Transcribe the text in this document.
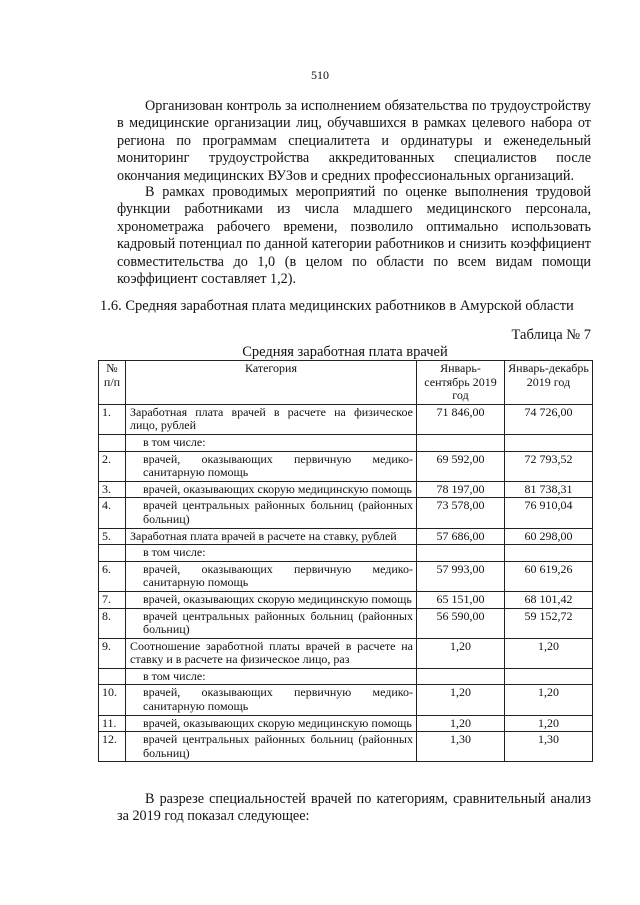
510

Организован контроль за исполнением обязательства по трудоустройству в медицинские организации лиц, обучавшихся в рамках целевого набора от региона по программам специалитета и ординатуры и еженедельный мониторинг трудоустройства аккредитованных специалистов после окончания медицинских ВУЗов и средних профессиональных организаций.

В рамках проводимых мероприятий по оценке выполнения трудовой функции работниками из числа младшего медицинского персонала, хронометража рабочего времени, позволило оптимально использовать кадровый потенциал по данной категории работников и снизить коэффициент совместительства до 1,0 (в целом по области по всем видам помощи коэффициент составляет 1,2).

1.6. Средняя заработная плата медицинских работников в Амурской области
Таблица № 7
Средняя заработная плата врачей
№ п/п	Категория	Январь-сентябрь 2019 год	Январь-декабрь 2019 год
1.	Заработная плата врачей в расчете на физическое лицо, рублей	71 846,00	74 726,00
	в том числе:		
2.	врачей, оказывающих первичную медико-санитарную помощь	69 592,00	72 793,52
3.	врачей, оказывающих скорую медицинскую помощь	78 197,00	81 738,31
4.	врачей центральных районных больниц (районных больниц)	73 578,00	76 910,04
5.	Заработная плата врачей в расчете на ставку, рублей	57 686,00	60 298,00
	в том числе:		
6.	врачей, оказывающих первичную медико-санитарную помощь	57 993,00	60 619,26
7.	врачей, оказывающих скорую медицинскую помощь	65 151,00	68 101,42
8.	врачей центральных районных больниц (районных больниц)	56 590,00	59 152,72
9.	Соотношение заработной платы врачей в расчете на ставку и в расчете на физическое лицо, раз	1,20	1,20
	в том числе:		
10.	врачей, оказывающих первичную медико-санитарную помощь	1,20	1,20
11.	врачей, оказывающих скорую медицинскую помощь	1,20	1,20
12.	врачей центральных районных больниц (районных больниц)	1,30	1,30

В разрезе специальностей врачей по категориям, сравнительный анализ за 2019 год показал следующее:
